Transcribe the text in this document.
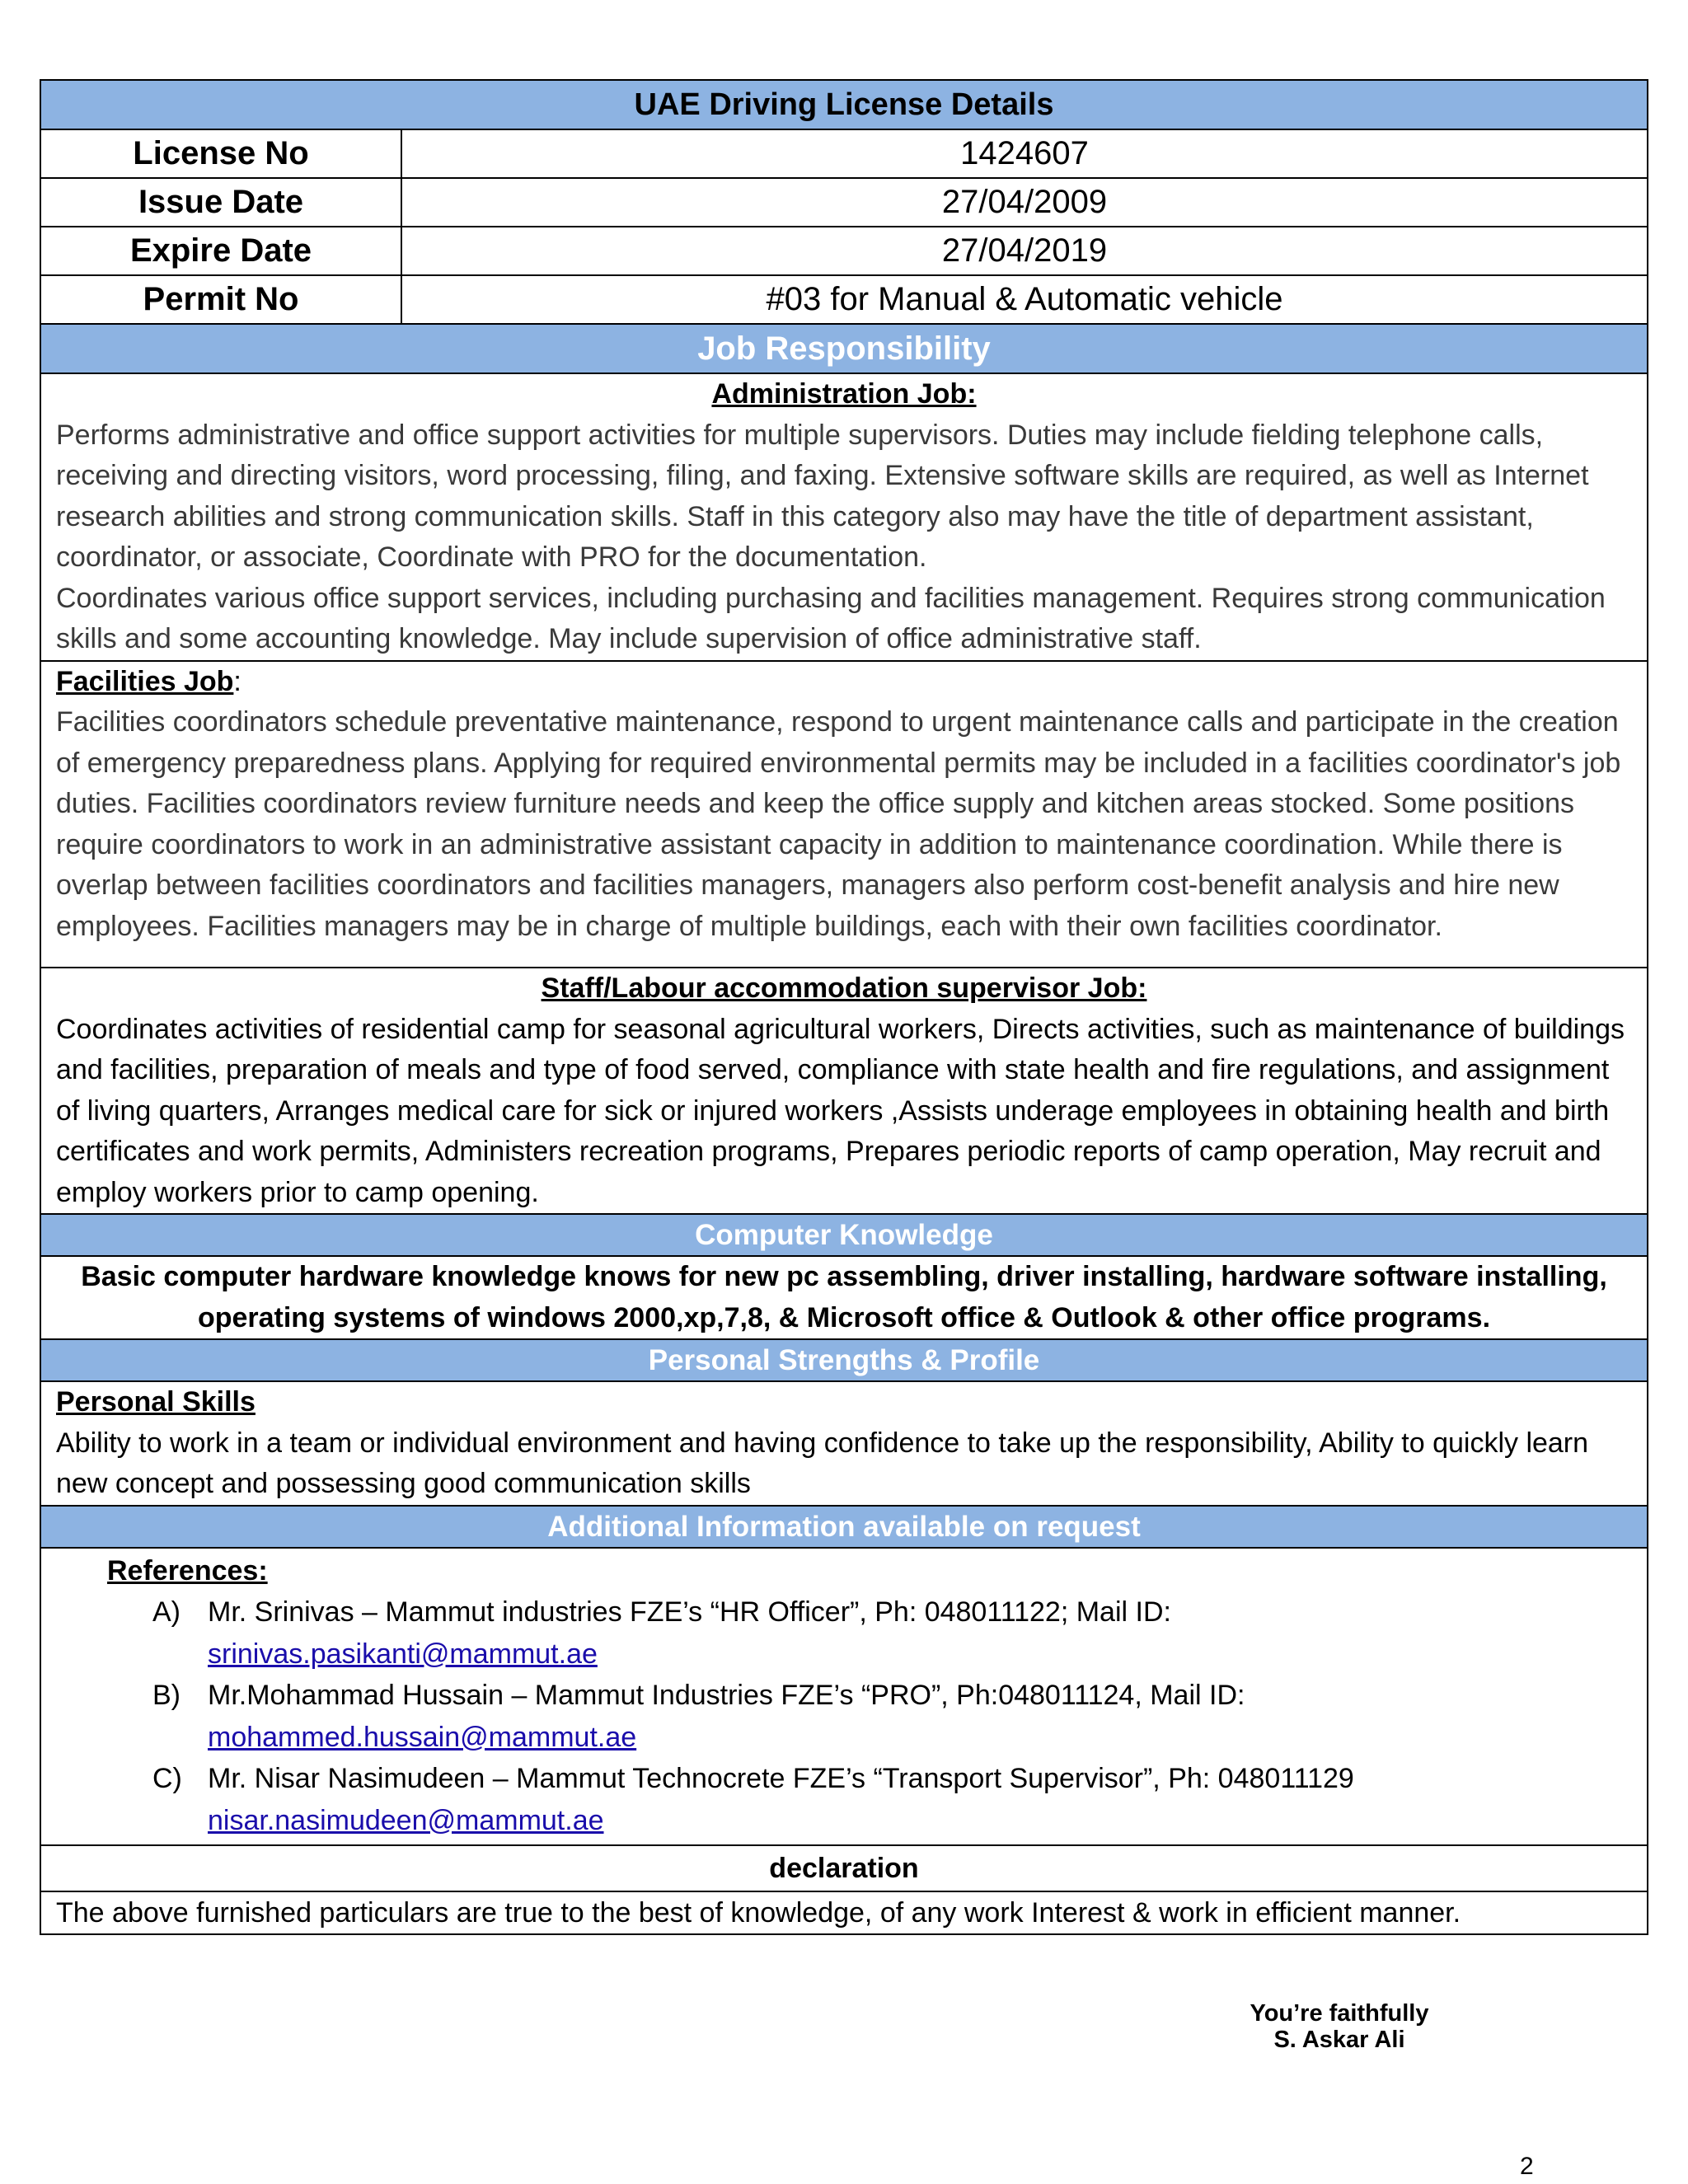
UAE Driving License Details
License No	1424607
Issue Date	27/04/2009
Expire Date	27/04/2019
Permit No	#03 for Manual & Automatic vehicle
Job Responsibility

Administration Job:

Performs administrative and office support activities for multiple supervisors. Duties may include fielding telephone calls, receiving and directing visitors, word processing, filing, and faxing. Extensive software skills are required, as well as Internet research abilities and strong communication skills. Staff in this category also may have the title of department assistant, coordinator, or associate, Coordinate with PRO for the documentation.

Coordinates various office support services, including purchasing and facilities management. Requires strong communication skills and some accounting knowledge. May include supervision of office administrative staff.

Facilities Job:

Facilities coordinators schedule preventative maintenance, respond to urgent maintenance calls and participate in the creation of emergency preparedness plans. Applying for required environmental permits may be included in a facilities coordinator's job duties. Facilities coordinators review furniture needs and keep the office supply and kitchen areas stocked. Some positions require coordinators to work in an administrative assistant capacity in addition to maintenance coordination. While there is overlap between facilities coordinators and facilities managers, managers also perform cost-benefit analysis and hire new employees. Facilities managers may be in charge of multiple buildings, each with their own facilities coordinator.

Staff/Labour accommodation supervisor Job:

Coordinates activities of residential camp for seasonal agricultural workers, Directs activities, such as maintenance of buildings and facilities, preparation of meals and type of food served, compliance with state health and fire regulations, and assignment of living quarters, Arranges medical care for sick or injured workers ,Assists underage employees in obtaining health and birth certificates and work permits, Administers recreation programs, Prepares periodic reports of camp operation, May recruit and employ workers prior to camp opening.

Computer Knowledge
Basic computer hardware knowledge knows for new pc assembling, driver installing, hardware software installing, operating systems of windows 2000,xp,7,8, & Microsoft office & Outlook & other office programs.
Personal Strengths & Profile

Personal Skills

Ability to work in a team or individual environment and having confidence to take up the responsibility, Ability to quickly learn new concept and possessing good communication skills

Additional Information available on request
References:
A) Mr. Srinivas – Mammut industries FZE’s “HR Officer”, Ph: 048011122; Mail ID:
srinivas.pasikanti@mammut.ae
B) Mr.Mohammad Hussain – Mammut Industries FZE’s “PRO”, Ph:048011124, Mail ID:
mohammed.hussain@mammut.ae
C) Mr. Nisar Nasimudeen – Mammut Technocrete FZE’s “Transport Supervisor”, Ph: 048011129
nisar.nasimudeen@mammut.ae
declaration
The above furnished particulars are true to the best of knowledge, of any work Interest & work in efficient manner.
You’re faithfully
S. Askar Ali
2
